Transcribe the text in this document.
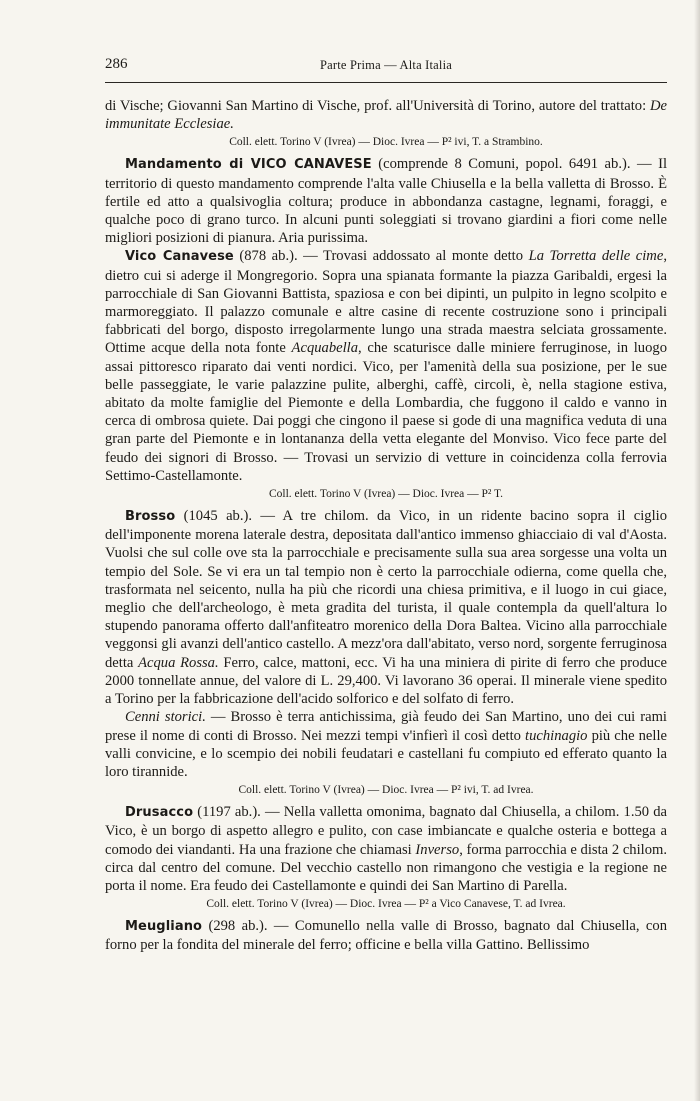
286	Parte Prima — Alta Italia

di Vische; Giovanni San Martino di Vische, prof. all'Università di Torino, autore del trattato: De immunitate Ecclesiae.

Coll. elett. Torino V (Ivrea) — Dioc. Ivrea — P² ivi, T. a Strambino.

Mandamento di VICO CANAVESE (comprende 8 Comuni, popol. 6491 ab.). — Il territorio di questo mandamento comprende l'alta valle Chiusella e la bella valletta di Brosso. È fertile ed atto a qualsivoglia coltura; produce in abbondanza castagne, legnami, foraggi, e qualche poco di grano turco. In alcuni punti soleggiati si trovano giardini a fiori come nelle migliori posizioni di pianura. Aria purissima.

Vico Canavese (878 ab.). — Trovasi addossato al monte detto La Torretta delle cime, dietro cui si aderge il Mongregorio. Sopra una spianata formante la piazza Garibaldi, ergesi la parrocchiale di San Giovanni Battista, spaziosa e con bei dipinti, un pulpito in legno scolpito e marmoreggiato. Il palazzo comunale e altre casine di recente costruzione sono i principali fabbricati del borgo, disposto irregolarmente lungo una strada maestra selciata grossamente. Ottime acque della nota fonte Acquabella, che scaturisce dalle miniere ferruginose, in luogo assai pittoresco riparato dai venti nordici. Vico, per l'amenità della sua posizione, per le sue belle passeggiate, le varie palazzine pulite, alberghi, caffè, circoli, è, nella stagione estiva, abitato da molte famiglie del Piemonte e della Lombardia, che fuggono il caldo e vanno in cerca di ombrosa quiete. Dai poggi che cingono il paese si gode di una magnifica veduta di una gran parte del Piemonte e in lontananza della vetta elegante del Monviso. Vico fece parte del feudo dei signori di Brosso. — Trovasi un servizio di vetture in coincidenza colla ferrovia Settimo-Castellamonte.

Coll. elett. Torino V (Ivrea) — Dioc. Ivrea — P² T.

Brosso (1045 ab.). — A tre chilom. da Vico, in un ridente bacino sopra il ciglio dell'imponente morena laterale destra, depositata dall'antico immenso ghiacciaio di val d'Aosta. Vuolsi che sul colle ove sta la parrocchiale e precisamente sulla sua area sorgesse una volta un tempio del Sole. Se vi era un tal tempio non è certo la parrocchiale odierna, come quella che, trasformata nel seicento, nulla ha più che ricordi una chiesa primitiva, e il luogo in cui giace, meglio che dell'archeologo, è meta gradita del turista, il quale contempla da quell'altura lo stupendo panorama offerto dall'anfiteatro morenico della Dora Baltea. Vicino alla parrocchiale veggonsi gli avanzi dell'antico castello. A mezz'ora dall'abitato, verso nord, sorgente ferruginosa detta Acqua Rossa. Ferro, calce, mattoni, ecc. Vi ha una miniera di pirite di ferro che produce 2000 tonnellate annue, del valore di L. 29,400. Vi lavorano 36 operai. Il minerale viene spedito a Torino per la fabbricazione dell'acido solforico e del solfato di ferro.

Cenni storici. — Brosso è terra antichissima, già feudo dei San Martino, uno dei cui rami prese il nome di conti di Brosso. Nei mezzi tempi v'infierì il così detto tuchinagio più che nelle valli convicine, e lo scempio dei nobili feudatari e castellani fu compiuto ed efferato quanto la loro tirannide.

Coll. elett. Torino V (Ivrea) — Dioc. Ivrea — P² ivi, T. ad Ivrea.

Drusacco (1197 ab.). — Nella valletta omonima, bagnato dal Chiusella, a chilom. 1.50 da Vico, è un borgo di aspetto allegro e pulito, con case imbiancate e qualche osteria e bottega a comodo dei viandanti. Ha una frazione che chiamasi Inverso, forma parrocchia e dista 2 chilom. circa dal centro del comune. Del vecchio castello non rimangono che vestigia e la regione ne porta il nome. Era feudo dei Castellamonte e quindi dei San Martino di Parella.

Coll. elett. Torino V (Ivrea) — Dioc. Ivrea — P² a Vico Canavese, T. ad Ivrea.

Meugliano (298 ab.). — Comunello nella valle di Brosso, bagnato dal Chiusella, con forno per la fondita del minerale del ferro; officine e bella villa Gattino. Bellissimo
